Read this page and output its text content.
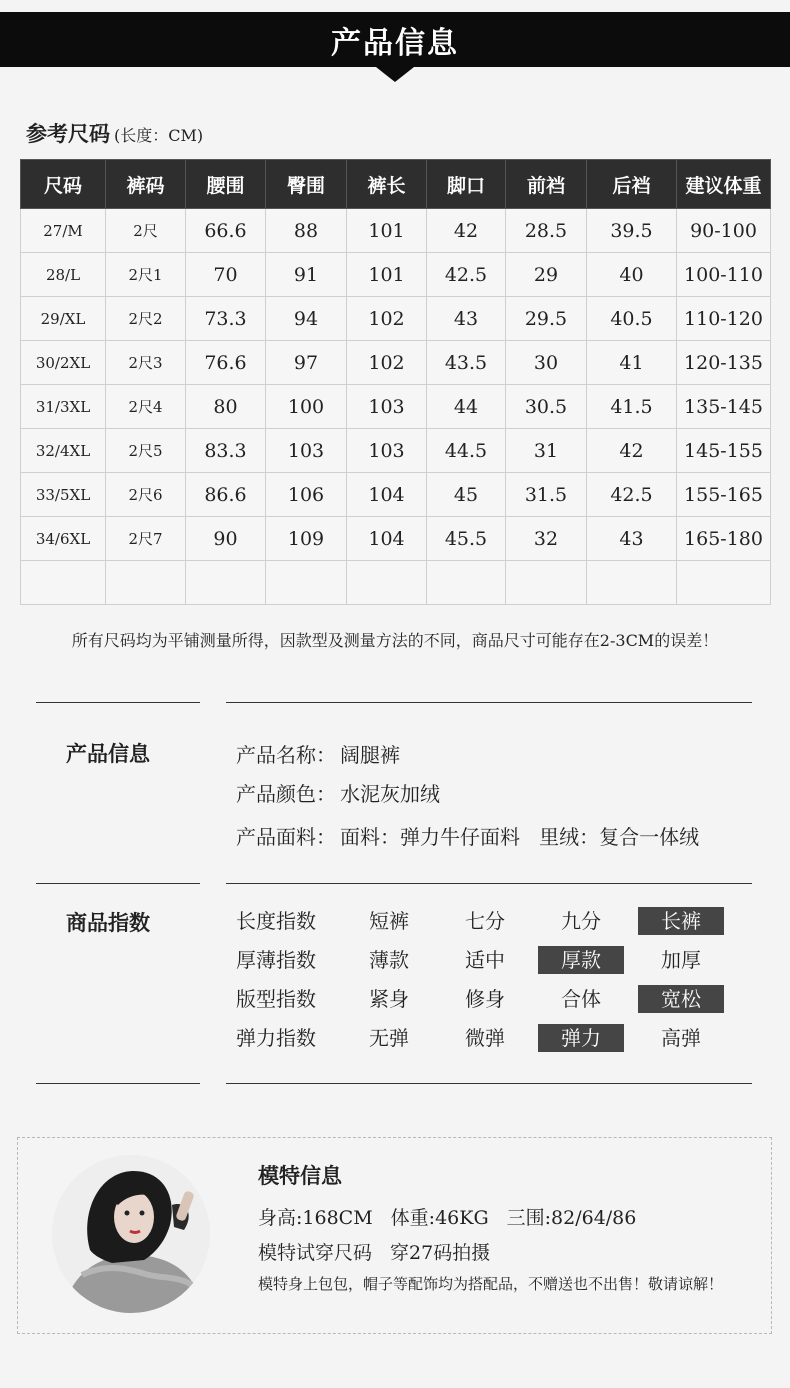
产品信息
参考尺码 (长度：CM)
尺码	裤码	腰围	臀围	裤长	脚口	前裆	后裆	建议体重
27/M	2尺	66.6	88	101	42	28.5	39.5	90-100
28/L	2尺1	70	91	101	42.5	29	40	100-110
29/XL	2尺2	73.3	94	102	43	29.5	40.5	110-120
30/2XL	2尺3	76.6	97	102	43.5	30	41	120-135
31/3XL	2尺4	80	100	103	44	30.5	41.5	135-145
32/4XL	2尺5	83.3	103	103	44.5	31	42	145-155
33/5XL	2尺6	86.6	106	104	45	31.5	42.5	155-165
34/6XL	2尺7	90	109	104	45.5	32	43	165-180

所有尺码均为平铺测量所得，因款型及测量方法的不同，商品尺寸可能存在2-3CM的误差！
产品信息	产品名称： 阔腿裤
产品颜色： 水泥灰加绒
产品面料： 面料：弹力牛仔面料   里绒：复合一体绒
商品指数	长度指数	短裤	七分	九分	长裤
厚薄指数	薄款	适中	厚款	加厚
版型指数	紧身	修身	合体	宽松
弹力指数	无弹	微弹	弹力	高弹
模特信息
身高:168CM 体重:46KG 三围:82/64/86
模特试穿尺码 穿27码拍摄
模特身上包包，帽子等配饰均为搭配品，不赠送也不出售！敬请谅解！
